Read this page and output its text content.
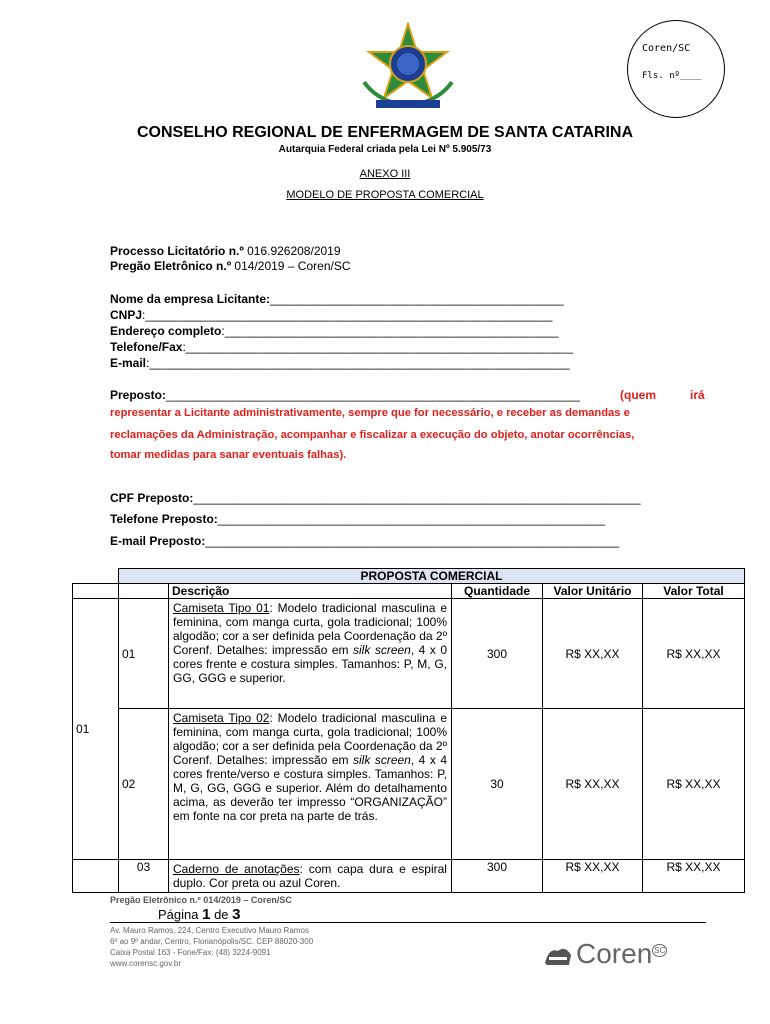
Coren/SC
Fls. nº____
CONSELHO REGIONAL DE ENFERMAGEM DE SANTA CATARINA
Autarquia Federal criada pela Lei Nº 5.905/73
ANEXO III
MODELO DE PROPOSTA COMERCIAL
Processo Licitatório n.º 016.926208/2019
Pregão Eletrônico n.º 014/2019 – Coren/SC
Nome da empresa Licitante:____________________________________________
CNPJ:_____________________________________________________________
Endereço completo:__________________________________________________
Telefone/Fax:__________________________________________________________
E-mail:_______________________________________________________________
Preposto:______________________________________________________________	(quem	irá
representar a Licitante administrativamente, sempre que for necessário, e receber as demandas e
reclamações da Administração, acompanhar e fiscalizar a execução do objeto, anotar ocorrências,
tomar medidas para sanar eventuais falhas).
CPF Preposto:___________________________________________________________________
Telefone Preposto:__________________________________________________________
E-mail Preposto:______________________________________________________________
	PROPOSTA COMERCIAL				
		Descrição	Quantidade	Valor Unitário	Valor Total
01	01	Camiseta Tipo 01: Modelo tradicional masculina e feminina, com manga curta, gola tradicional; 100% algodão; cor a ser definida pela Coordenação da 2º Corenf. Detalhes: impressão em silk screen, 4 x 0 cores frente e costura simples. Tamanhos: P, M, G, GG, GGG e superior.	300	R$ XX,XX	R$ XX,XX
	02	Camiseta Tipo 02: Modelo tradicional masculina e feminina, com manga curta, gola tradicional; 100% algodão; cor a ser definida pela Coordenação da 2º Corenf. Detalhes: impressão em silk screen, 4 x 4 cores frente/verso e costura simples. Tamanhos: P, M, G, GG, GGG e superior. Além do detalhamento acima, as deverão ter impresso “ORGANIZAÇÃO” em fonte na cor preta na parte de trás.	30	R$ XX,XX	R$ XX,XX
	03	Caderno de anotações: com capa dura e espiral duplo. Cor preta ou azul Coren.	300	R$ XX,XX	R$ XX,XX
Pregão Eletrônico n.º 014/2019 – Coren/SC
Página 1 de 3
Av. Mauro Ramos, 224, Centro Executivo Mauro Ramos
6º ao 9º andar, Centro, Florianópolis/SC. CEP 88020-300
Caixa Postal 163 - Fone/Fax: (48) 3224-9091
www.corensc.gov.br	Coren $^{SC}$
